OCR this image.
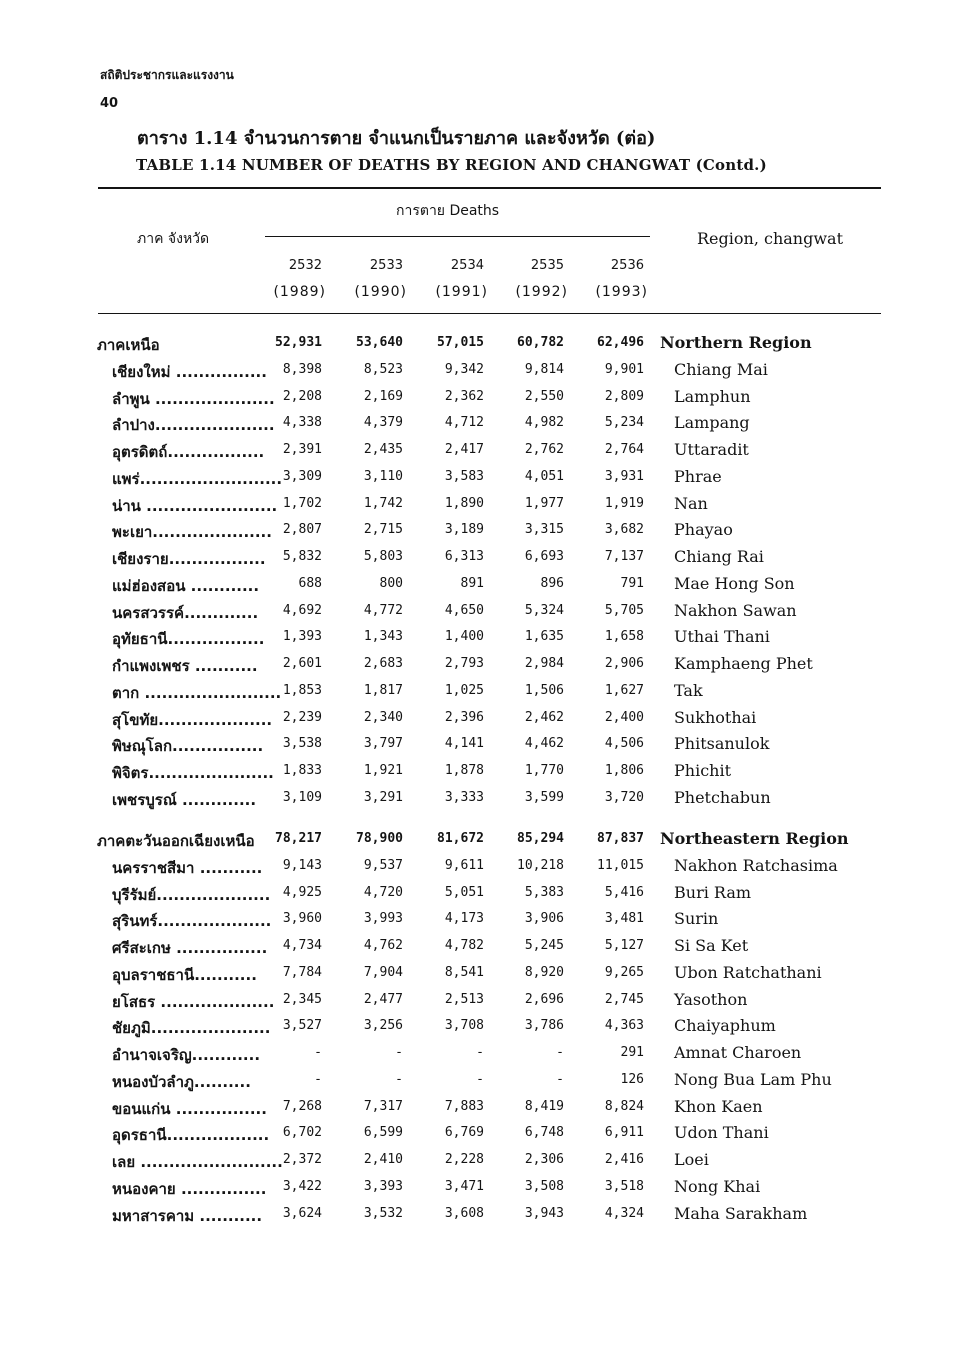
สถิติประชากรและแรงงาน
40
ตาราง 1.14 จำนวนการตาย จำแนกเป็นรายภาค และจังหวัด (ต่อ)
TABLE 1.14 NUMBER OF DEATHS BY REGION AND CHANGWAT (Contd.)
การตาย Deaths
ภาค จังหวัด	Region, changwat
2532
(1989)
2533
(1990)
2534
(1991)
2535
(1992)
2536
(1993)
ภาคเหนือ	52,931	53,640	57,015	60,782	62,496 Northern Region
เชียงใหม่ ................	8,398	8,523	9,342	9,814	9,901 Chiang Mai
ลำพูน ..................... 2,208	2,169	2,362	2,550	2,809 Lamphun
ลำปาง..................... 4,338	4,379	4,712	4,982	5,234 Lampang
อุตรดิตถ์.................	2,391	2,435	2,417	2,762	2,764 Uttaradit
แพร่......................... 3,309	3,110	3,583	4,051	3,931 Phrae
น่าน ....................... 1,702	1,742	1,890	1,977	1,919 Nan
พะเยา..................... 2,807	2,715	3,189	3,315	3,682 Phayao
เชียงราย.................	5,832	5,803	6,313	6,693	7,137 Chiang Rai
แม่ฮ่องสอน ............	688	800	891	896	791 Mae Hong Son
นครสวรรค์.............	4,692	4,772	4,650	5,324	5,705 Nakhon Sawan
อุทัยธานี.................	1,393	1,343	1,400	1,635	1,658 Uthai Thani
กำแพงเพชร ...........	2,601	2,683	2,793	2,984	2,906 Kamphaeng Phet
ตาก ........................ 1,853	1,817	1,025	1,506	1,627 Tak
สุโขทัย.................... 2,239	2,340	2,396	2,462	2,400 Sukhothai
พิษณุโลก................	3,538	3,797	4,141	4,462	4,506 Phitsanulok
พิจิตร...................... 1,833	1,921	1,878	1,770	1,806 Phichit
เพชรบูรณ์ .............	3,109	3,291	3,333	3,599	3,720 Phetchabun
ภาคตะวันออกเฉียงเหนือ	78,217	78,900	81,672	85,294	87,837 Northeastern Region
นครราชสีมา ...........	9,143	9,537	9,611	10,218	11,015 Nakhon Ratchasima
บุรีรัมย์.................... 4,925	4,720	5,051	5,383	5,416 Buri Ram
สุรินทร์.................... 3,960	3,993	4,173	3,906	3,481 Surin
ศรีสะเกษ ................	4,734	4,762	4,782	5,245	5,127 Si Sa Ket
อุบลราชธานี...........	7,784	7,904	8,541	8,920	9,265 Ubon Ratchathani
ยโสธร .................... 2,345	2,477	2,513	2,696	2,745 Yasothon
ชัยภูมิ..................... 3,527	3,256	3,708	3,786	4,363 Chaiyaphum
อำนาจเจริญ............	-	-	-	-	291 Amnat Charoen
หนองบัวลำภู..........	-	-	-	-	126 Nong Bua Lam Phu
ขอนแก่น ................	7,268	7,317	7,883	8,419	8,824 Khon Kaen
อุดรธานี..................	6,702	6,599	6,769	6,748	6,911 Udon Thani
เลย ......................... 2,372	2,410	2,228	2,306	2,416 Loei
หนองคาย ...............	3,422	3,393	3,471	3,508	3,518 Nong Khai
มหาสารคาม ...........	3,624	3,532	3,608	3,943	4,324 Maha Sarakham
